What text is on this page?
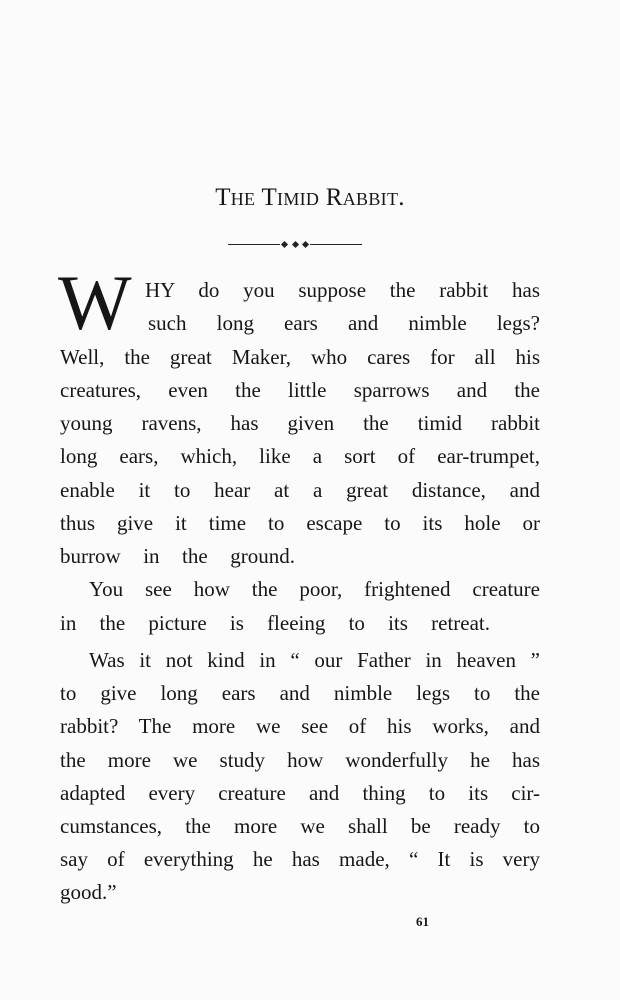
The Timid Rabbit.
W HY do you suppose the rabbit has
such long ears and nimble legs?
Well, the great Maker, who cares for all his
creatures, even the little sparrows and the
young ravens, has given the timid rabbit
long ears, which, like a sort of ear-trumpet,
enable it to hear at a great distance, and
thus give it time to escape to its hole or
burrow in the ground.
You see how the poor, frightened creature
in the picture is fleeing to its retreat.
Was it not kind in “ our Father in heaven ”
to give long ears and nimble legs to the
rabbit? The more we see of his works, and
the more we study how wonderfully he has
adapted every creature and thing to its cir-
cumstances, the more we shall be ready to
say of everything he has made, “ It is very
good.”
61
